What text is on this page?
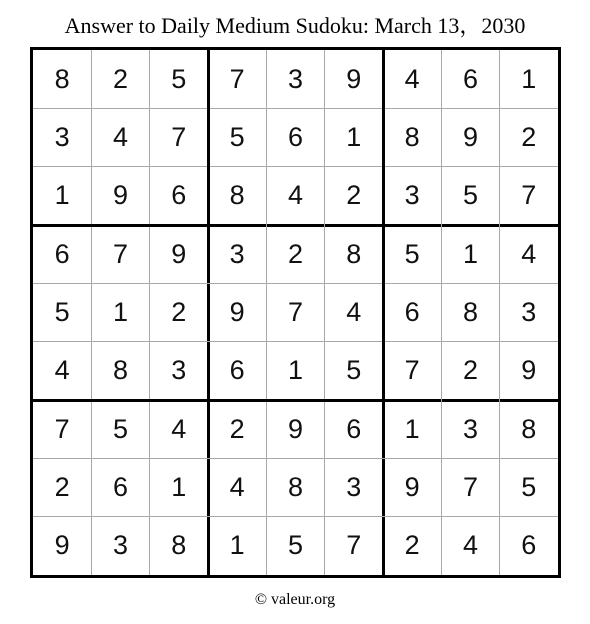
Answer to Daily Medium Sudoku: March 13，2030
8	2	5	7	3	9	4	6	1
3	4	7	5	6	1	8	9	2
1	9	6	8	4	2	3	5	7
6	7	9	3	2	8	5	1	4
5	1	2	9	7	4	6	8	3
4	8	3	6	1	5	7	2	9
7	5	4	2	9	6	1	3	8
2	6	1	4	8	3	9	7	5
9	3	8	1	5	7	2	4	6
© valeur.org
